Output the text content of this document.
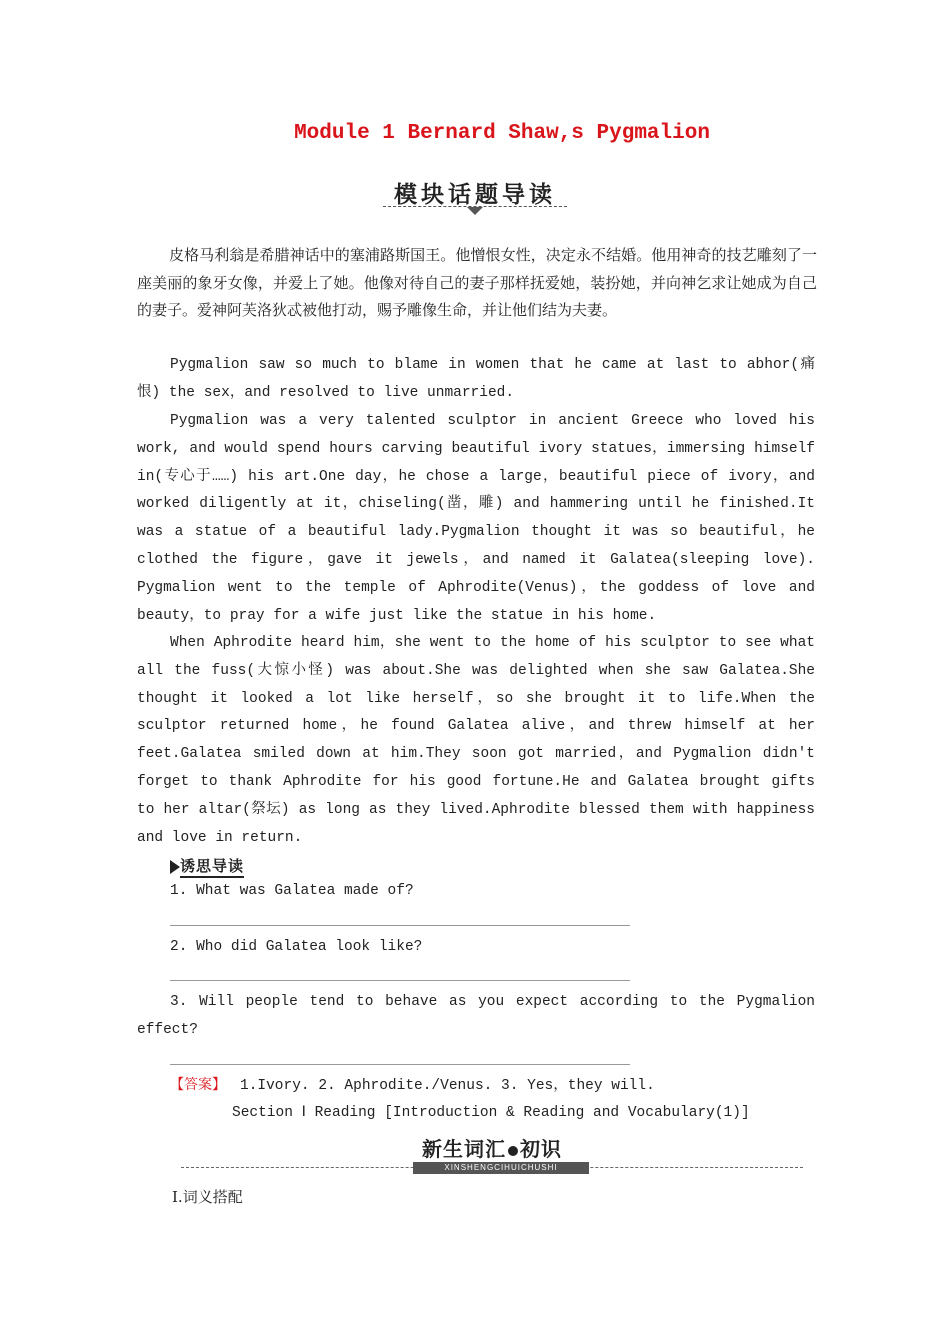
Module 1 Bernard Shaw,s Pygmalion
模块话题导读

皮格马利翁是希腊神话中的塞浦路斯国王。他憎恨女性，决定永不结婚。他用神奇的技艺雕刻了一座美丽的象牙女像，并爱上了她。他像对待自己的妻子那样抚爱她，装扮她，并向神乞求让她成为自己的妻子。爱神阿芙洛狄忒被他打动，赐予雕像生命，并让他们结为夫妻。

Pygmalion saw so much to blame in women that he came at last to abhor(痛恨) the sex，and resolved to live unmarried.

Pygmalion was a very talented sculptor in ancient Greece who loved his work, and would spend hours carving beautiful ivory statues，immersing himself in(专心于……) his art.One day，he chose a large，beautiful piece of ivory，and worked diligently at it，chiseling(凿，雕) and hammering until he finished.It was a statue of a beautiful lady.Pygmalion thought it was so beautiful，he clothed the figure，gave it jewels，and named it Galatea(sleeping love). Pygmalion went to the temple of Aphrodite(Venus)，the goddess of love and beauty，to pray for a wife just like the statue in his home.

When Aphrodite heard him，she went to the home of his sculptor to see what all the fuss(大惊小怪) was about.She was delighted when she saw Galatea.She thought it looked a lot like herself，so she brought it to life.When the sculptor returned home，he found Galatea alive，and threw himself at her feet.Galatea smiled down at him.They soon got married，and Pygmalion didn't forget to thank Aphrodite for his good fortune.He and Galatea brought gifts to her altar(祭坛) as long as they lived.Aphrodite blessed them with happiness and love in return.

诱思导读

1. What was Galatea made of?

2. Who did Galatea look like?

3. Will people tend to behave as you expect according to the Pygmalion effect?

【答案】 1.Ivory. 2. Aphrodite./Venus. 3. Yes，they will.
Section Ⅰ Reading [Introduction & Reading and Vocabulary(1)]
新生词汇 初识
XINSHENGCIHUICHUSHI
Ⅰ.词义搭配
